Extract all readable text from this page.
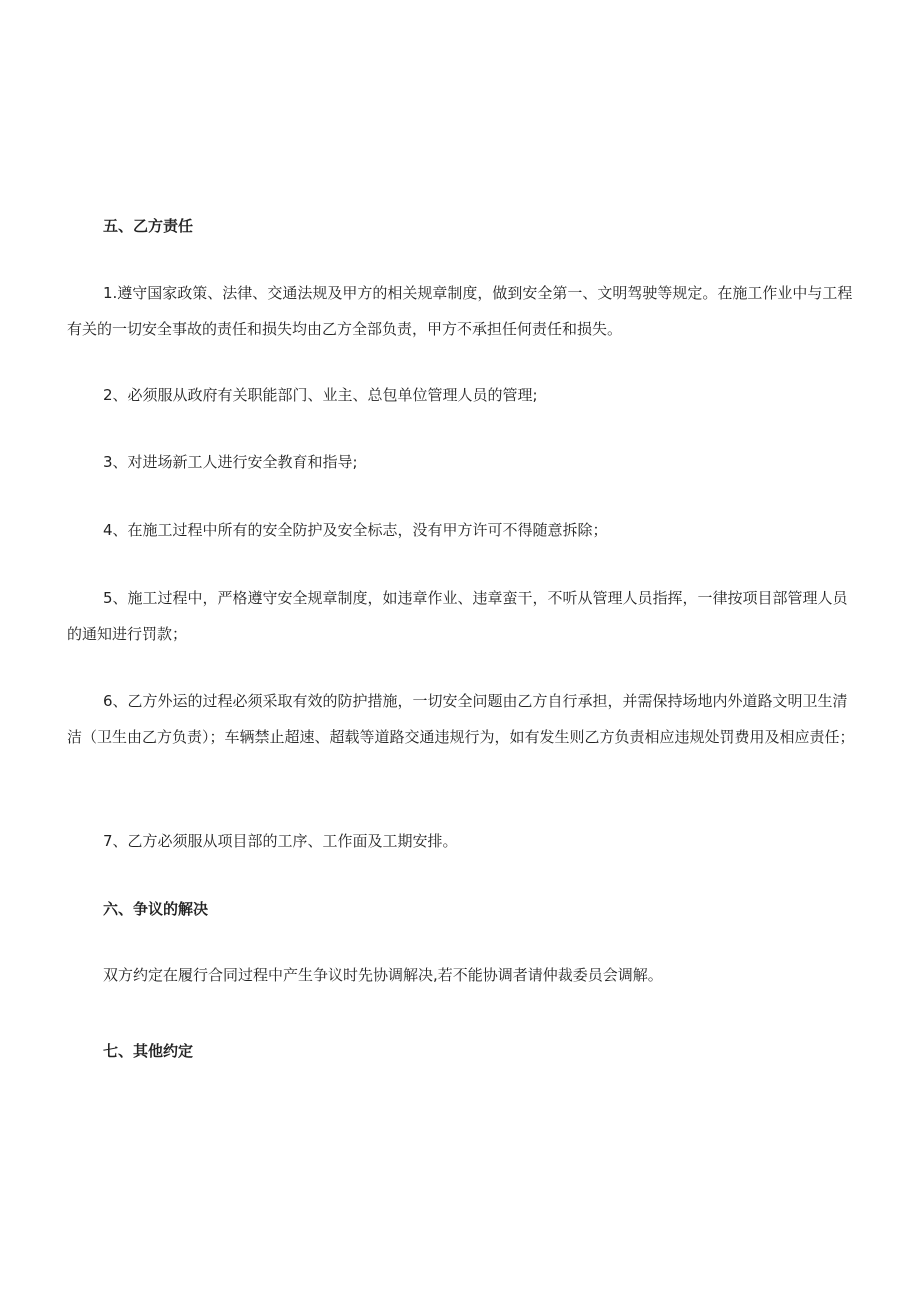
五、乙方责任

1.遵守国家政策、法律、交通法规及甲方的相关规章制度，做到安全第一、文明驾驶等规定。在施工作业中与工程有关的一切安全事故的责任和损失均由乙方全部负责，甲方不承担任何责任和损失。

2、必须服从政府有关职能部门、业主、总包单位管理人员的管理;

3、对进场新工人进行安全教育和指导;

4、在施工过程中所有的安全防护及安全标志，没有甲方许可不得随意拆除；

5、施工过程中，严格遵守安全规章制度，如违章作业、违章蛮干，不听从管理人员指挥，一律按项目部管理人员的通知进行罚款；

6、乙方外运的过程必须采取有效的防护措施，一切安全问题由乙方自行承担，并需保持场地内外道路文明卫生清洁（卫生由乙方负责）；车辆禁止超速、超载等道路交通违规行为，如有发生则乙方负责相应违规处罚费用及相应责任；

7、乙方必须服从项目部的工序、工作面及工期安排。

六、争议的解决

双方约定在履行合同过程中产生争议时先协调解决,若不能协调者请仲裁委员会调解。

七、其他约定
